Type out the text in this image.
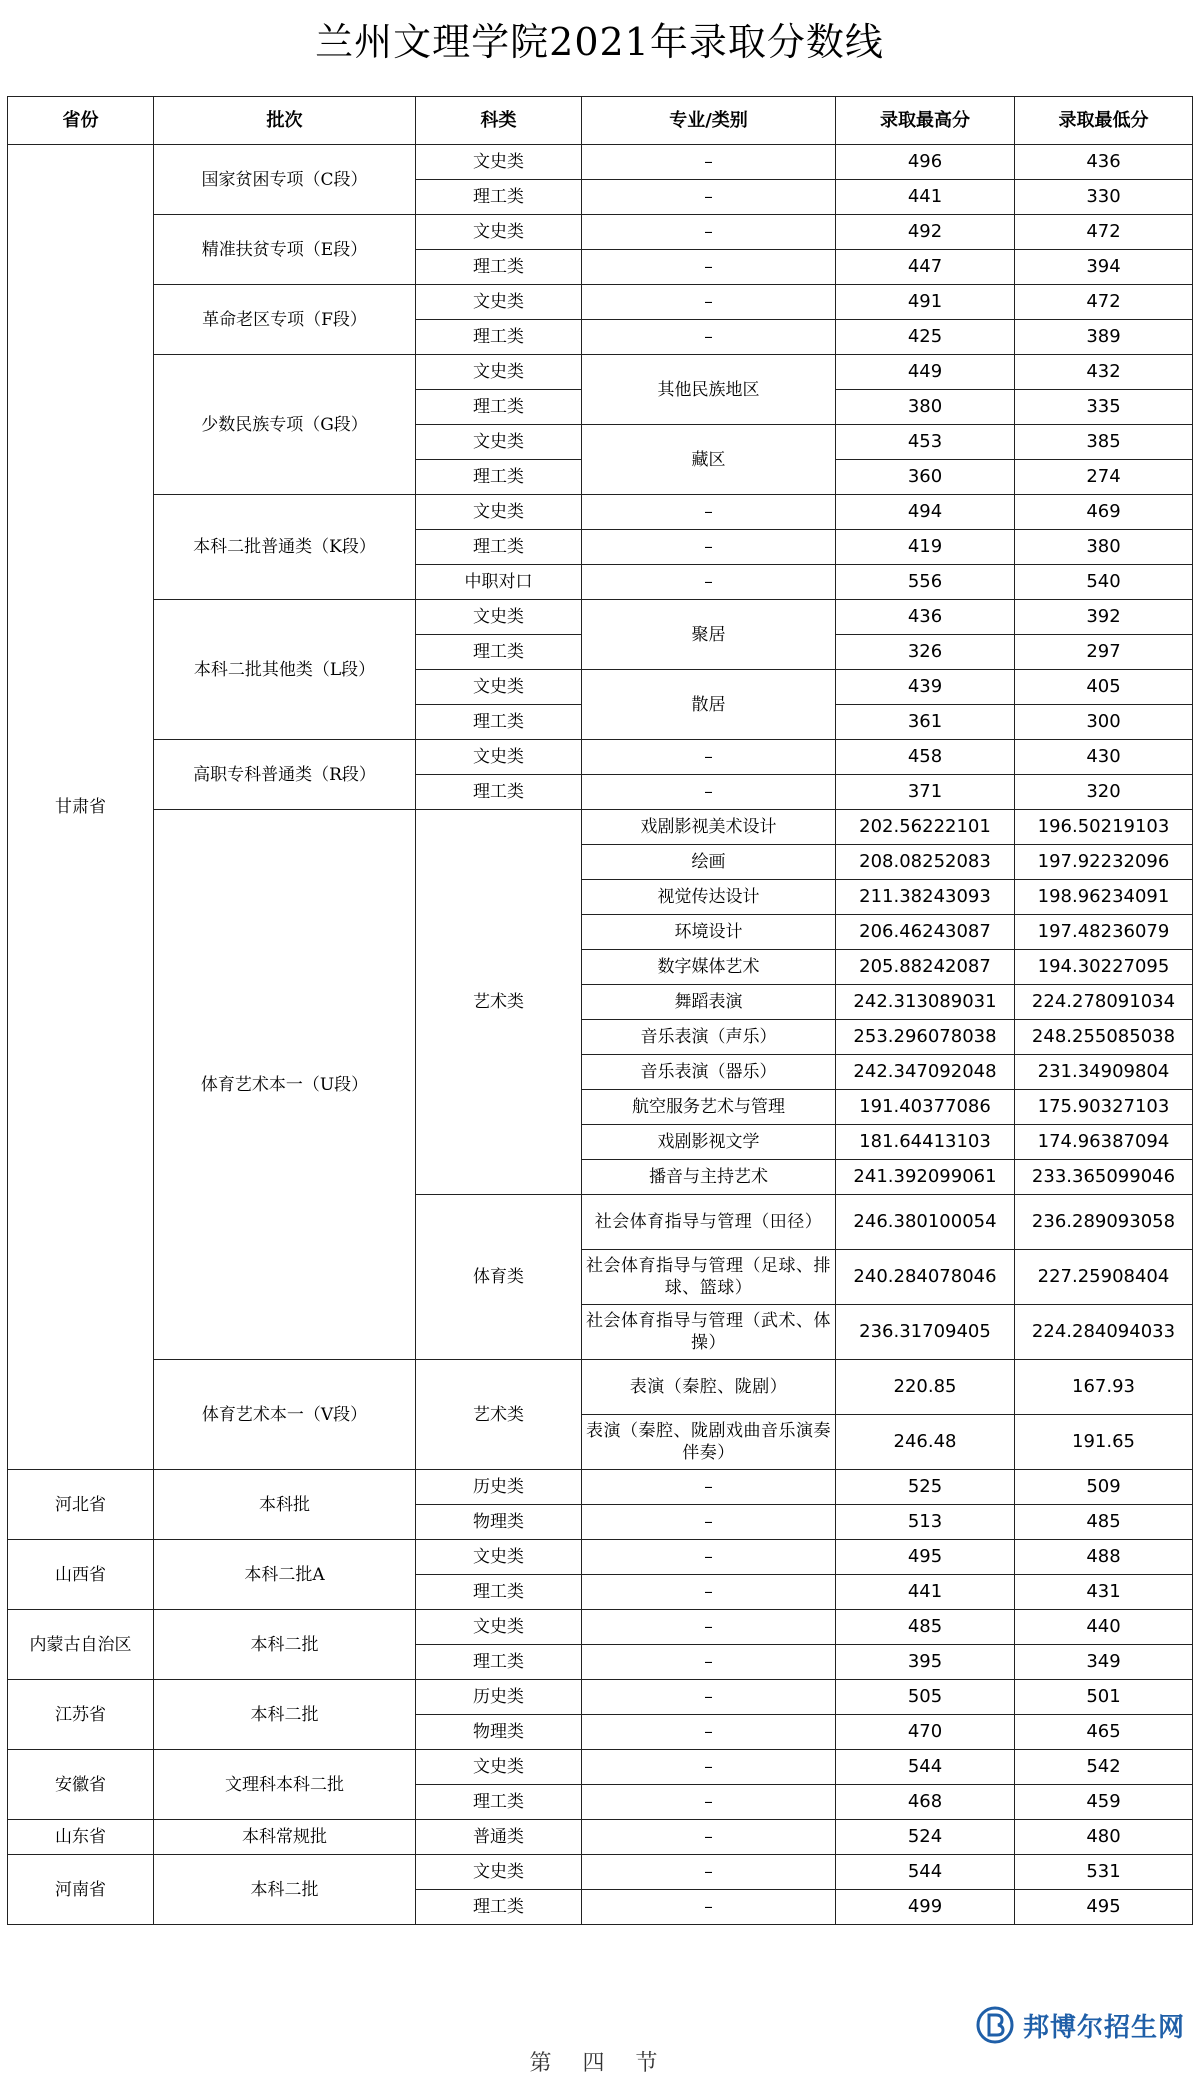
兰州文理学院2021年录取分数线
省份	批次	科类	专业/类别	录取最高分	录取最低分
甘肃省	国家贫困专项（C段）	文史类	–	496	436
		理工类	–	441	330
	精准扶贫专项（E段）	文史类	–	492	472
		理工类	–	447	394
	革命老区专项（F段）	文史类	–	491	472
		理工类	–	425	389
	少数民族专项（G段）	文史类	其他民族地区	449	432
		理工类		380	335
		文史类	藏区	453	385
		理工类		360	274
	本科二批普通类（K段）	文史类	–	494	469
		理工类	–	419	380
		中职对口	–	556	540
	本科二批其他类（L段）	文史类	聚居	436	392
		理工类		326	297
		文史类	散居	439	405
		理工类		361	300
	高职专科普通类（R段）	文史类	–	458	430
		理工类	–	371	320
	体育艺术本一（U段）	艺术类	戏剧影视美术设计	202.56222101	196.50219103
			绘画	208.08252083	197.92232096
			视觉传达设计	211.38243093	198.96234091
			环境设计	206.46243087	197.48236079
			数字媒体艺术	205.88242087	194.30227095
			舞蹈表演	242.313089031	224.278091034
			音乐表演（声乐）	253.296078038	248.255085038
			音乐表演（器乐）	242.347092048	231.34909804
			航空服务艺术与管理	191.40377086	175.90327103
			戏剧影视文学	181.64413103	174.96387094
			播音与主持艺术	241.392099061	233.365099046
		体育类	社会体育指导与管理（田径）	246.380100054	236.289093058
			社会体育指导与管理（足球、排球、篮球）	240.284078046	227.25908404
			社会体育指导与管理（武术、体操）	236.31709405	224.284094033
	体育艺术本一（V段）	艺术类	表演（秦腔、陇剧）	220.85	167.93
			表演（秦腔、陇剧戏曲音乐演奏伴奏）	246.48	191.65
河北省	本科批	历史类	–	525	509
		物理类	–	513	485
山西省	本科二批A	文史类	–	495	488
		理工类	–	441	431
内蒙古自治区	本科二批	文史类	–	485	440
		理工类	–	395	349
江苏省	本科二批	历史类	–	505	501
		物理类	–	470	465
安徽省	文理科本科二批	文史类	–	544	542
		理工类	–	468	459
山东省	本科常规批	普通类	–	524	480
河南省	本科二批	文史类	–	544	531
		理工类	–	499	495
邦博尔招生网
第 四 节
